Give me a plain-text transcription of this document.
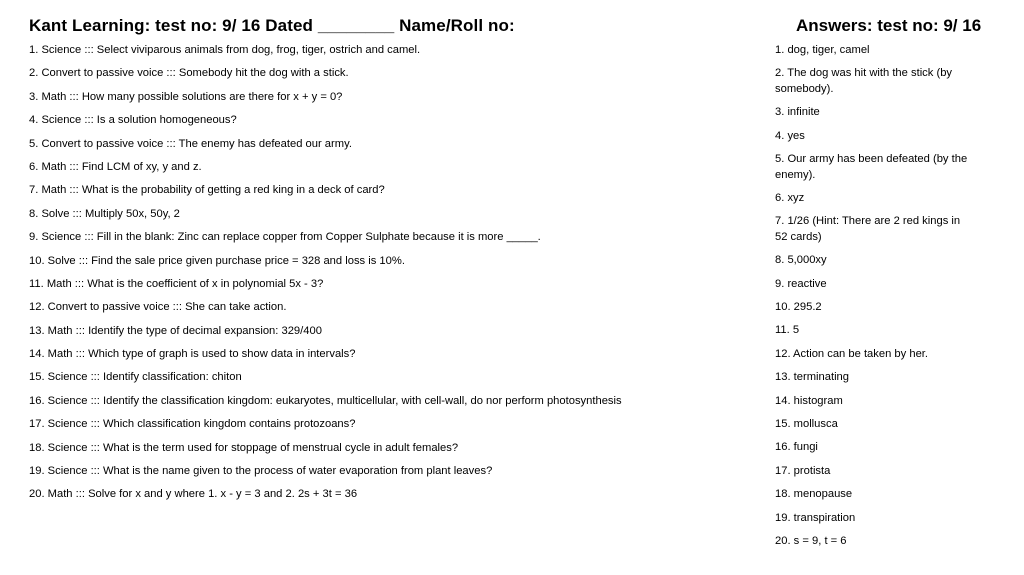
Kant Learning: test no: 9/ 16 Dated ________ Name/Roll no:	Answers: test no: 9/ 16
1. Science ::: Select viviparous animals from dog, frog, tiger, ostrich and camel.
2. Convert to passive voice ::: Somebody hit the dog with a stick.
3. Math ::: How many possible solutions are there for x + y = 0?
4. Science ::: Is a solution homogeneous?
5. Convert to passive voice ::: The enemy has defeated our army.
6. Math ::: Find LCM of xy, y and z.
7. Math ::: What is the probability of getting a red king in a deck of card?
8. Solve ::: Multiply 50x, 50y, 2
9. Science ::: Fill in the blank: Zinc can replace copper from Copper Sulphate because it is more _____.
10. Solve ::: Find the sale price given purchase price = 328 and loss is 10%.
11. Math ::: What is the coefficient of x in polynomial 5x - 3?
12. Convert to passive voice ::: She can take action.
13. Math ::: Identify the type of decimal expansion: 329/400
14. Math ::: Which type of graph is used to show data in intervals?
15. Science ::: Identify classification: chiton
16. Science ::: Identify the classification kingdom: eukaryotes, multicellular, with cell-wall, do nor perform photosynthesis
17. Science ::: Which classification kingdom contains protozoans?
18. Science ::: What is the term used for stoppage of menstrual cycle in adult females?
19. Science ::: What is the name given to the process of water evaporation from plant leaves?
20. Math ::: Solve for x and y where 1. x - y = 3 and 2. 2s + 3t = 36
1. dog, tiger, camel
2. The dog was hit with the stick (by somebody).
3. infinite
4. yes
5. Our army has been defeated (by the enemy).
6. xyz
7. 1/26 (Hint: There are 2 red kings in 52 cards)
8. 5,000xy
9. reactive
10. 295.2
11. 5
12. Action can be taken by her.
13. terminating
14. histogram
15. mollusca
16. fungi
17. protista
18. menopause
19. transpiration
20. s = 9, t = 6
